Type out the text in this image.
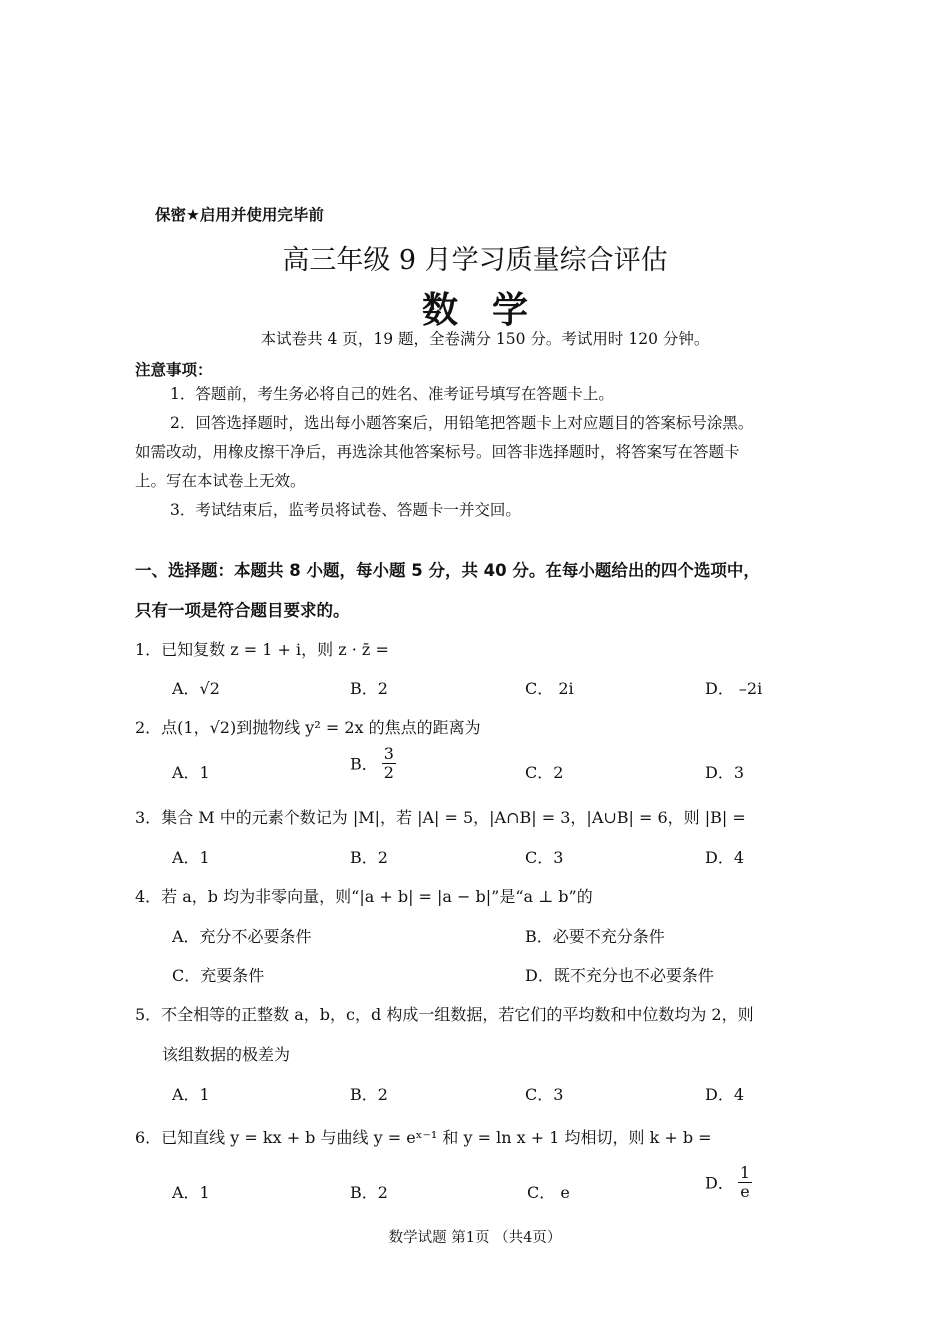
保密★启用并使用完毕前
高三年级 9 月学习质量综合评估
数学
本试卷共 4 页，19 题，全卷满分 150 分。考试用时 120 分钟。
注意事项：
1．答题前，考生务必将自己的姓名、准考证号填写在答题卡上。
2．回答选择题时，选出每小题答案后，用铅笔把答题卡上对应题目的答案标号涂黑。
如需改动，用橡皮擦干净后，再选涂其他答案标号。回答非选择题时，将答案写在答题卡
上。写在本试卷上无效。
3．考试结束后，监考员将试卷、答题卡一并交回。
一、选择题：本题共 8 小题，每小题 5 分，共 40 分。在每小题给出的四个选项中，
只有一项是符合题目要求的。
1．已知复数 z = 1 + i，则 z · z̄ =
A．√2	B．2	C． 2i	D． –2i
2．点(1，√2)到抛物线 y² = 2x 的焦点的距离为
A．1	B． $\frac{3}{2}$	C．2	D．3
3．集合 M 中的元素个数记为 |M|，若 |A| = 5，|A∩B| = 3，|A∪B| = 6，则 |B| =
A．1	B．2	C．3	D．4
4．若 a，b 均为非零向量，则“|a + b| = |a − b|”是“a ⊥ b”的
A．充分不必要条件	B．必要不充分条件
C．充要条件	D．既不充分也不必要条件
5．不全相等的正整数 a，b，c，d 构成一组数据，若它们的平均数和中位数均为 2，则
该组数据的极差为
A．1	B．2	C．3	D．4
6．已知直线 y = kx + b 与曲线 y = eˣ⁻¹ 和 y = ln x + 1 均相切，则 k + b =
A．1	B．2	C． e	D． $\frac{1}{e}$
数学试题 第1页 （共4页）
